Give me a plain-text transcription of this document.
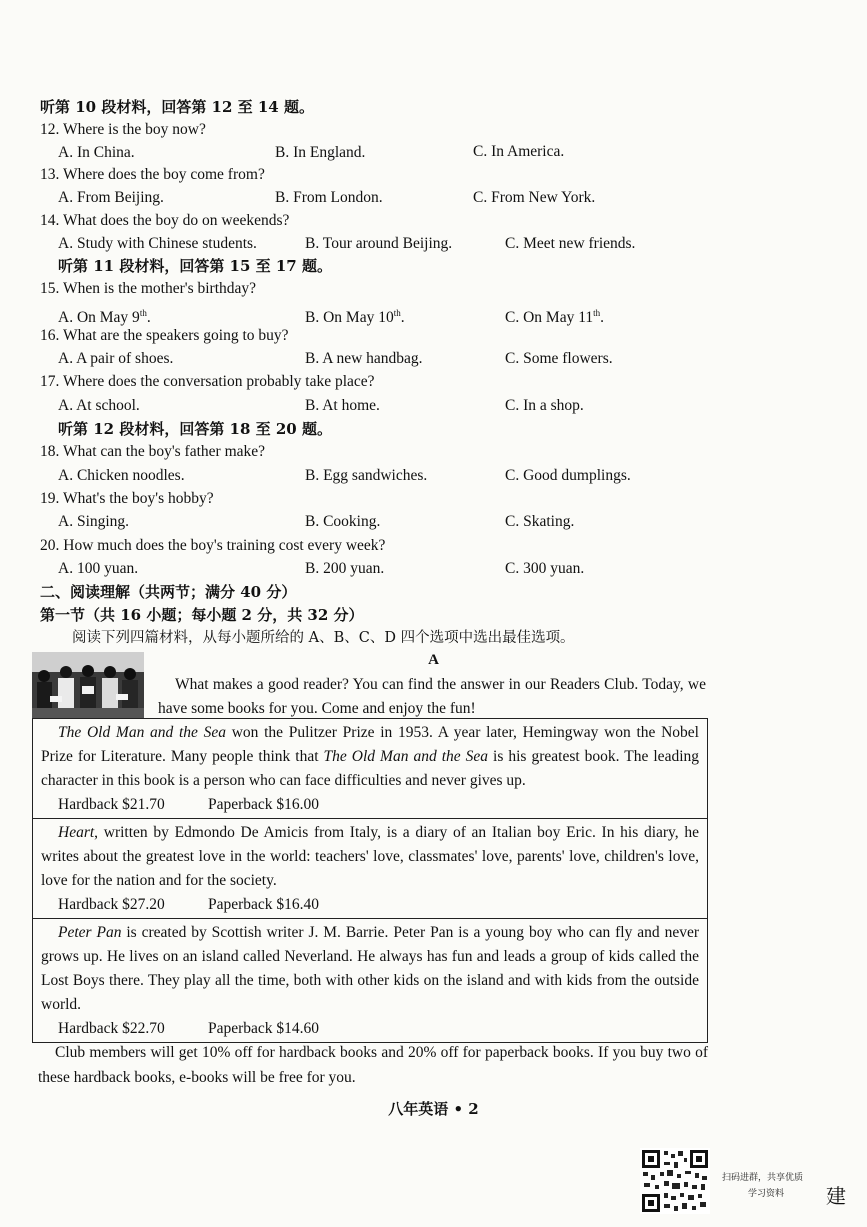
听第 10 段材料，回答第 12 至 14 题。
12. Where is the boy now?
A. In China.	B. In England.	C. In America.
13. Where does the boy come from?
A. From Beijing.	B. From London.	C. From New York.
14. What does the boy do on weekends?
A. Study with Chinese students.	B. Tour around Beijing.	C. Meet new friends.
听第 11 段材料，回答第 15 至 17 题。
15. When is the mother's birthday?
A. On May 9th.	B. On May 10th.	C. On May 11th.
16. What are the speakers going to buy?
A. A pair of shoes.	B. A new handbag.	C. Some flowers.
17. Where does the conversation probably take place?
A. At school.	B. At home.	C. In a shop.
听第 12 段材料，回答第 18 至 20 题。
18. What can the boy's father make?
A. Chicken noodles.	B. Egg sandwiches.	C. Good dumplings.
19. What's the boy's hobby?
A. Singing.	B. Cooking.	C. Skating.
20. How much does the boy's training cost every week?
A. 100 yuan.	B. 200 yuan.	C. 300 yuan.
二、阅读理解（共两节；满分 40 分）
第一节（共 16 小题；每小题 2 分，共 32 分）
阅读下列四篇材料，从每小题所给的 A、B、C、D 四个选项中选出最佳选项。
A
What makes a good reader? You can find the answer in our Readers Club. Today, we have some books for you. Come and enjoy the fun!
The Old Man and the Sea won the Pulitzer Prize in 1953. A year later, Hemingway won the Nobel Prize for Literature. Many people think that The Old Man and the Sea is his greatest book. The leading character in this book is a person who can face difficulties and never gives up.
Hardback $21.70	Paperback $16.00
Heart, written by Edmondo De Amicis from Italy, is a diary of an Italian boy Eric. In his diary, he writes about the greatest love in the world: teachers' love, classmates' love, parents' love, children's love, love for the nation and for the society.
Hardback $27.20	Paperback $16.40
Peter Pan is created by Scottish writer J. M. Barrie. Peter Pan is a young boy who can fly and never grows up. He lives on an island called Neverland. He always has fun and leads a group of kids called the Lost Boys there. They play all the time, both with other kids on the island and with kids from the outside world.
Hardback $22.70	Paperback $14.60
Club members will get 10% off for hardback books and 20% off for paperback books. If you buy two of these hardback books, e-books will be free for you.
八年英语 • 2
扫码进群，共享优质
学习资料 建
